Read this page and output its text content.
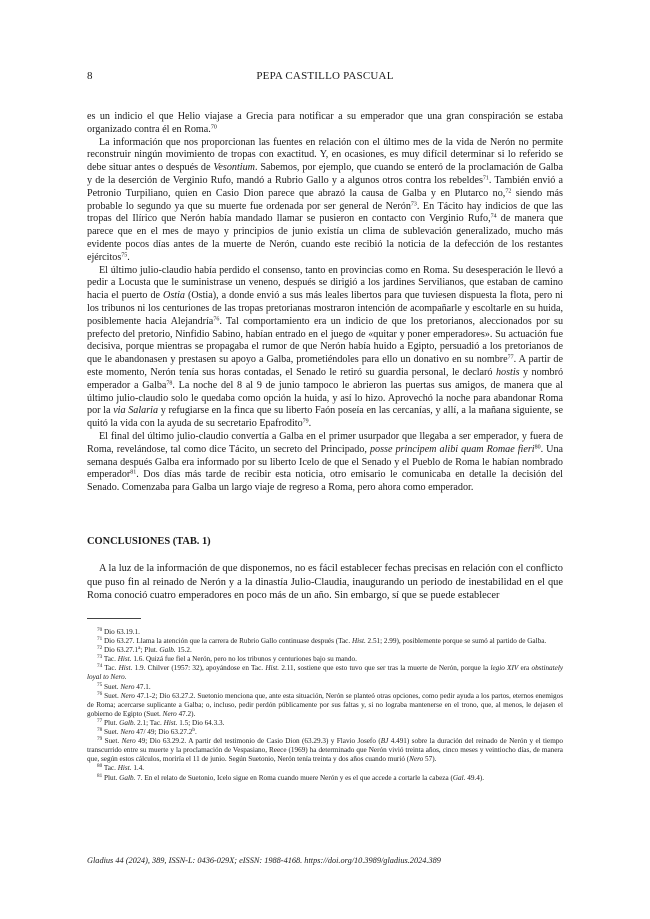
8	PEPA CASTILLO PASCUAL

es un indicio el que Helio viajase a Grecia para notificar a su emperador que una gran conspiración se estaba organizado contra él en Roma.$^{70}$

La información que nos proporcionan las fuentes en relación con el último mes de la vida de Nerón no permite reconstruir ningún movimiento de tropas con exactitud. Y, en ocasiones, es muy difícil determinar si lo referido se debe situar antes o después de Vesontium. Sabemos, por ejemplo, que cuando se enteró de la proclamación de Galba y de la deserción de Verginio Rufo, mandó a Rubrio Gallo y a algunos otros contra los rebeldes$^{71}$. También envió a Petronio Turpiliano, quien en Casio Dion parece que abrazó la causa de Galba y en Plutarco no,$^{72}$ siendo más probable lo segundo ya que su muerte fue ordenada por ser general de Nerón$^{73}$. En Tácito hay indicios de que las tropas del Ilírico que Nerón había mandado llamar se pusieron en contacto con Verginio Rufo,$^{74}$ de manera que parece que en el mes de mayo y principios de junio existía un clima de sublevación generalizado, mucho más evidente pocos días antes de la muerte de Nerón, cuando este recibió la noticia de la defección de los restantes ejércitos$^{75}$.

El último julio-claudio había perdido el consenso, tanto en provincias como en Roma. Su desesperación le llevó a pedir a Locusta que le suministrase un veneno, después se dirigió a los jardines Servilianos, que estaban de camino hacia el puerto de Ostia (Ostia), a donde envió a sus más leales libertos para que tuviesen dispuesta la flota, pero ni los tribunos ni los centuriones de las tropas pretorianas mostraron intención de acompañarle y escoltarle en su huida, posiblemente hacia Alejandría$^{76}$. Tal comportamiento era un indicio de que los pretorianos, aleccionados por su prefecto del pretorio, Ninfidio Sabino, habían entrado en el juego de «quitar y poner emperadores». Su actuación fue decisiva, porque mientras se propagaba el rumor de que Nerón había huido a Egipto, persuadió a los pretorianos de que le abandonasen y prestasen su apoyo a Galba, prometiéndoles para ello un donativo en su nombre$^{77}$. A partir de este momento, Nerón tenía sus horas contadas, el Senado le retiró su guardia personal, le declaró hostis y nombró emperador a Galba$^{78}$. La noche del 8 al 9 de junio tampoco le abrieron las puertas sus amigos, de manera que al último julio-claudio solo le quedaba como opción la huida, y así lo hizo. Aprovechó la noche para abandonar Roma por la via Salaria y refugiarse en la finca que su liberto Faón poseía en las cercanías, y allí, a la mañana siguiente, se quitó la vida con la ayuda de su secretario Epafrodito$^{79}$.

El final del último julio-claudio convertía a Galba en el primer usurpador que llegaba a ser emperador, y fuera de Roma, revelándose, tal como dice Tácito, un secreto del Principado, posse principem alibi quam Romae fieri$^{80}$. Una semana después Galba era informado por su liberto Icelo de que el Senado y el Pueblo de Roma le habían nombrado emperador$^{81}$. Dos días más tarde de recibir esta noticia, otro emisario le comunicaba en detalle la decisión del Senado. Comenzaba para Galba un largo viaje de regreso a Roma, pero ahora como emperador.

CONCLUSIONES (TAB. 1)

A la luz de la información de que disponemos, no es fácil establecer fechas precisas en relación con el conflicto que puso fin al reinado de Nerón y a la dinastía Julio-Claudia, inaugurando un periodo de inestabilidad en el que Roma conoció cuatro emperadores en poco más de un año. Sin embargo, sí que se puede establecer

$^{70}$ Dio 63.19.1.

$^{71}$ Dio 63.27. Llama la atención que la carrera de Rubrio Gallo continuase después (Tac. Hist. 2.51; 2.99), posiblemente porque se sumó al partido de Galba.

$^{72}$ Dio 63.27.1$^a$; Plut. Galb. 15.2.

$^{73}$ Tac. Hist. 1.6. Quizá fue fiel a Nerón, pero no los tribunos y centuriones bajo su mando.

$^{74}$ Tac. Hist. 1.9. Chilver (1957: 32), apoyándose en Tac. Hist. 2.11, sostiene que esto tuvo que ser tras la muerte de Nerón, porque la legio XIV era obstinately loyal to Nero.

$^{75}$ Suet. Nero 47.1.

$^{76}$ Suet. Nero 47.1-2; Dio 63.27.2. Suetonio menciona que, ante esta situación, Nerón se planteó otras opciones, como pedir ayuda a los partos, eternos enemigos de Roma; acercarse suplicante a Galba; o, incluso, pedir perdón públicamente por sus faltas y, si no lograba mantenerse en el trono, que, al menos, le dejasen el gobierno de Egipto (Suet. Nero 47.2).

$^{77}$ Plut. Galb. 2.1; Tac. Hist. 1.5; Dio 64.3.3.

$^{78}$ Suet. Nero 47/ 49; Dio 63.27.2$^b$.

$^{79}$ Suet. Nero 49; Dio 63.29.2. A partir del testimonio de Casio Dion (63.29.3) y Flavio Josefo (BJ 4.491) sobre la duración del reinado de Nerón y el tiempo transcurrido entre su muerte y la proclamación de Vespasiano, Reece (1969) ha determinado que Nerón vivió treinta años, cinco meses y veintiocho días, de manera que, según estos cálculos, moriría el 11 de junio. Según Suetonio, Nerón tenía treinta y dos años cuando murió (Nero 57).

$^{80}$ Tac. Hist. 1.4.

$^{81}$ Plut. Galb. 7. En el relato de Suetonio, Icelo sigue en Roma cuando muere Nerón y es el que accede a cortarle la cabeza (Gal. 49.4).

Gladius 44 (2024), 389, ISSN-L: 0436-029X; eISSN: 1988-4168. https://doi.org/10.3989/gladius.2024.389
